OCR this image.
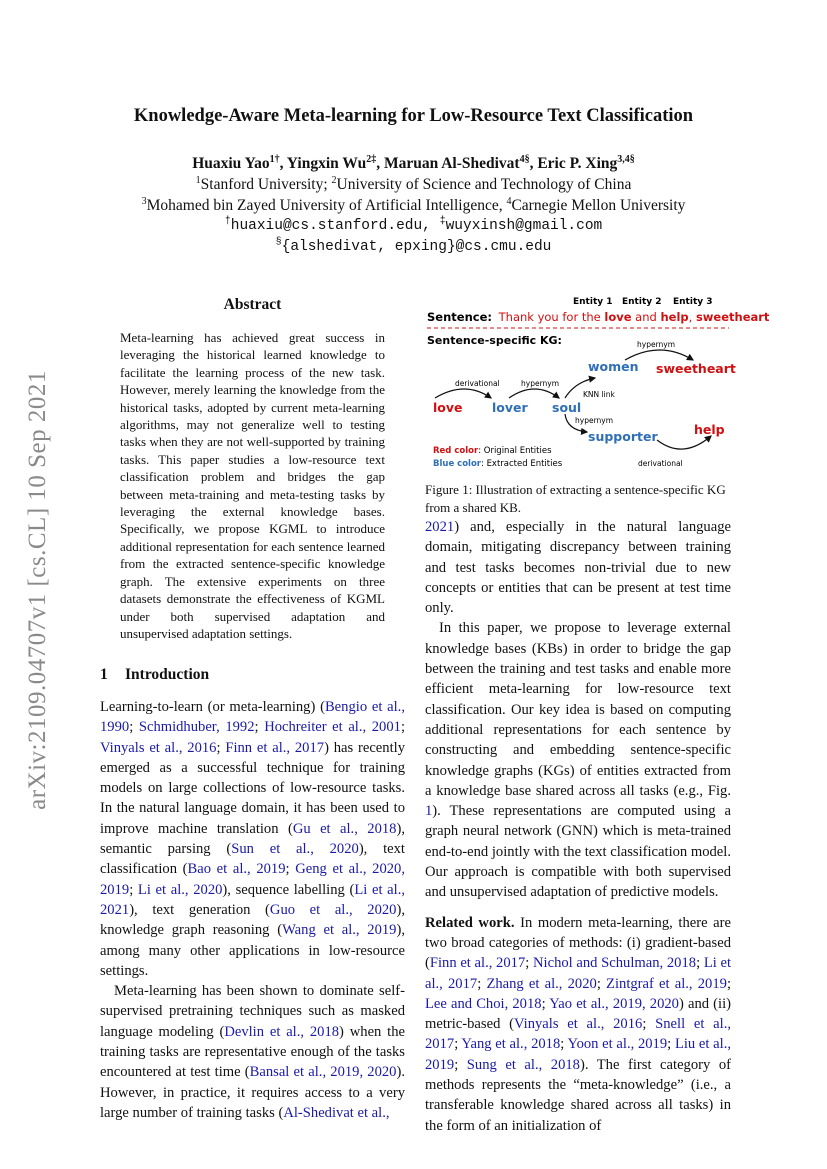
arXiv:2109.04707v1 [cs.CL] 10 Sep 2021
Knowledge-Aware Meta-learning for Low-Resource Text Classification
Huaxiu Yao$^{1\dagger}$, Yingxin $Wu^{2\ddagger}$, Maruan Al-Shedivat$^{4\S}$, Eric P. Xing$^{3,4\S}$
$^1$Stanford University; $^2$University of Science and Technology of China
$^3$Mohamed bin Zayed University of Artificial Intelligence, $^4$Carnegie Mellon University
†huaxiu@cs.stanford.edu, ‡wuyxinsh@gmail.com
§{alshedivat, epxing}@cs.cmu.edu
Abstract
Meta-learning has achieved great success in leveraging the historical learned knowledge to facilitate the learning process of the new task. However, merely learning the knowledge from the historical tasks, adopted by current meta-learning algorithms, may not generalize well to testing tasks when they are not well-supported by training tasks. This paper studies a low-resource text classification problem and bridges the gap between meta-training and meta-testing tasks by leveraging the external knowledge bases. Specifically, we propose KGML to introduce additional representation for each sentence learned from the extracted sentence-specific knowledge graph. The extensive experiments on three datasets demonstrate the effectiveness of KGML under both supervised adaptation and unsupervised adaptation settings.
1 Introduction

Learning-to-learn (or meta-learning) (Bengio et al., 1990; Schmidhuber, 1992; Hochreiter et al., 2001; Vinyals et al., 2016; Finn et al., 2017) has recently emerged as a successful technique for training models on large collections of low-resource tasks. In the natural language domain, it has been used to improve machine translation (Gu et al., 2018), semantic parsing (Sun et al., 2020), text classification (Bao et al., 2019; Geng et al., 2020, 2019; Li et al., 2020), sequence labelling (Li et al., 2021), text generation (Guo et al., 2020), knowledge graph reasoning (Wang et al., 2019), among many other applications in low-resource settings.

Meta-learning has been shown to dominate self-supervised pretraining techniques such as masked language modeling (Devlin et al., 2018) when the training tasks are representative enough of the tasks encountered at test time (Bansal et al., 2019, 2020). However, in practice, it requires access to a very large number of training tasks (Al-Shedivat et al.,

Entity 1 Entity 2 Entity 3
Sentence: Thank you for the love and help, sweetheart
Sentence-specific KG:
derivational	hypernym
hypernym
KNN link
hypernym
derivational
love lover soul
women sweetheart
supporter	help
Red color: Original Entities
Blue color: Extracted Entities
Figure 1: Illustration of extracting a sentence-specific KG from a shared KB.

2021) and, especially in the natural language domain, mitigating discrepancy between training and test tasks becomes non-trivial due to new concepts or entities that can be present at test time only.

In this paper, we propose to leverage external knowledge bases (KBs) in order to bridge the gap between the training and test tasks and enable more efficient meta-learning for low-resource text classification. Our key idea is based on computing additional representations for each sentence by constructing and embedding sentence-specific knowledge graphs (KGs) of entities extracted from a knowledge base shared across all tasks (e.g., Fig. 1). These representations are computed using a graph neural network (GNN) which is meta-trained end-to-end jointly with the text classification model. Our approach is compatible with both supervised and unsupervised adaptation of predictive models.

Related work. In modern meta-learning, there are two broad categories of methods: (i) gradient-based (Finn et al., 2017; Nichol and Schulman, 2018; Li et al., 2017; Zhang et al., 2020; Zintgraf et al., 2019; Lee and Choi, 2018; Yao et al., 2019, 2020) and (ii) metric-based (Vinyals et al., 2016; Snell et al., 2017; Yang et al., 2018; Yoon et al., 2019; Liu et al., 2019; Sung et al., 2018). The first category of methods represents the “meta-knowledge” (i.e., a transferable knowledge shared across all tasks) in the form of an initialization of
